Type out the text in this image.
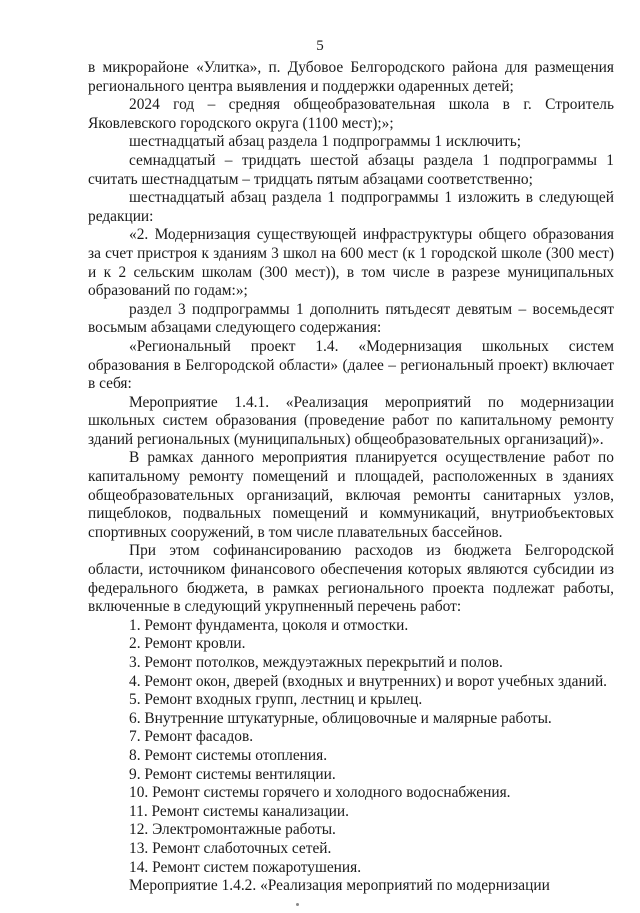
5

в микрорайоне «Улитка», п. Дубовое Белгородского района для размещения регионального центра выявления и поддержки одаренных детей;

2024 год – средняя общеобразовательная школа в г. Строитель Яковлевского городского округа (1100 мест);»;

шестнадцатый абзац раздела 1 подпрограммы 1 исключить;

семнадцатый – тридцать шестой абзацы раздела 1 подпрограммы 1 считать шестнадцатым – тридцать пятым абзацами соответственно;

шестнадцатый абзац раздела 1 подпрограммы 1 изложить в следующей редакции:

«2. Модернизация существующей инфраструктуры общего образования за счет пристроя к зданиям 3 школ на 600 мест (к 1 городской школе (300 мест) и к 2 сельским школам (300 мест)), в том числе в разрезе муниципальных образований по годам:»;

раздел 3 подпрограммы 1 дополнить пятьдесят девятым – восемьдесят восьмым абзацами следующего содержания:

«Региональный проект 1.4. «Модернизация школьных систем образования в Белгородской области» (далее – региональный проект) включает в себя:

Мероприятие 1.4.1. «Реализация мероприятий по модернизации школьных систем образования (проведение работ по капитальному ремонту зданий региональных (муниципальных) общеобразовательных организаций)».

В рамках данного мероприятия планируется осуществление работ по капитальному ремонту помещений и площадей, расположенных в зданиях общеобразовательных организаций, включая ремонты санитарных узлов, пищеблоков, подвальных помещений и коммуникаций, внутриобъектовых спортивных сооружений, в том числе плавательных бассейнов.

При этом софинансированию расходов из бюджета Белгородской области, источником финансового обеспечения которых являются субсидии из федерального бюджета, в рамках регионального проекта подлежат работы, включенные в следующий укрупненный перечень работ:

1. Ремонт фундамента, цоколя и отмостки.

2. Ремонт кровли.

3. Ремонт потолков, междуэтажных перекрытий и полов.

4. Ремонт окон, дверей (входных и внутренних) и ворот учебных зданий.

5. Ремонт входных групп, лестниц и крылец.

6. Внутренние штукатурные, облицовочные и малярные работы.

7. Ремонт фасадов.

8. Ремонт системы отопления.

9. Ремонт системы вентиляции.

10. Ремонт системы горячего и холодного водоснабжения.

11. Ремонт системы канализации.

12. Электромонтажные работы.

13. Ремонт слаботочных сетей.

14. Ремонт систем пожаротушения.

Мероприятие 1.4.2. «Реализация мероприятий по модернизации
